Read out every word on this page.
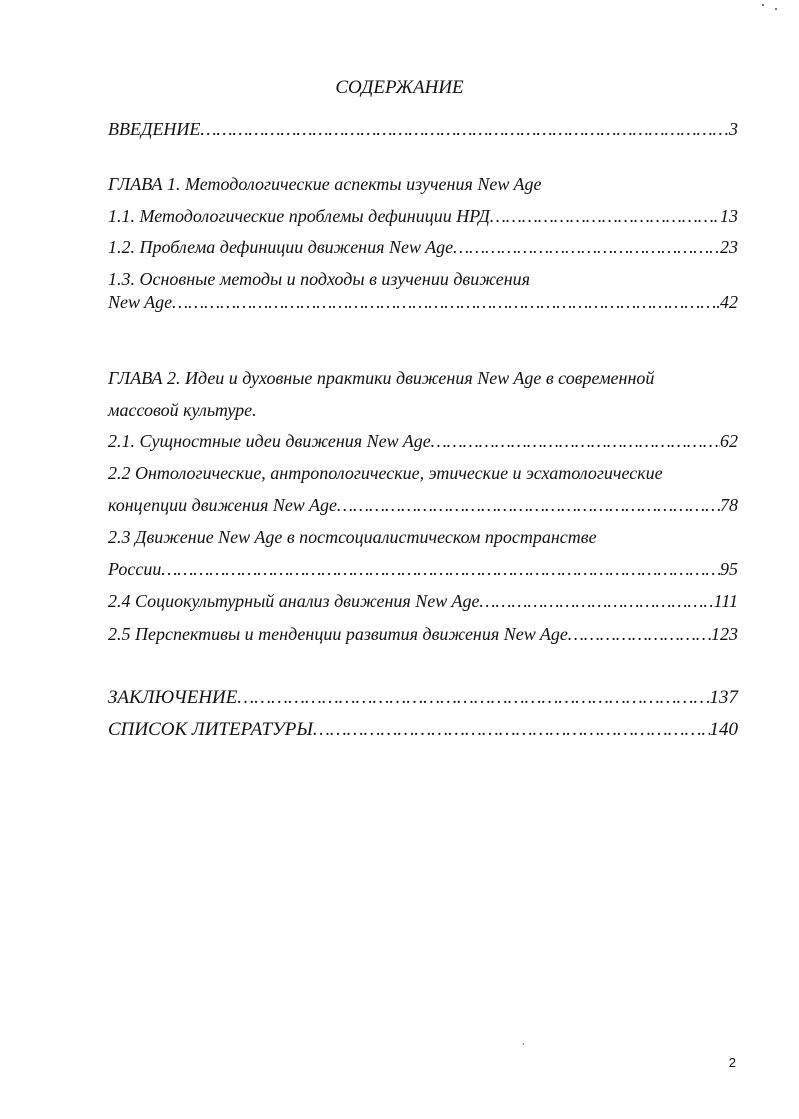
СОДЕРЖАНИЕ
ВВЕДЕНИЕ ……………………………………………………………………………………………………………………………………………………………………………………………	3
ГЛАВА 1. Методологические аспекты изучения New Age
1.1. Методологические проблемы дефиниции НРД ……………………………………………………………………………………………………………………………………………………………………………………………	13
1.2. Проблема дефиниции движения New Age ……………………………………………………………………………………………………………………………………………………………………………………………	23
1.3. Основные методы и подходы в изучении движения
New Age ……………………………………………………………………………………………………………………………………………………………………………………………	42
ГЛАВА 2. Идеи и духовные практики движения New Age в современной
массовой культуре.
2.1. Сущностные идеи движения New Age ……………………………………………………………………………………………………………………………………………………………………………………………	62
2.2 Онтологические, антропологические, этические и эсхатологические
концепции движения New Age ……………………………………………………………………………………………………………………………………………………………………………………………	78
2.3 Движение New Age в постсоциалистическом пространстве
России ……………………………………………………………………………………………………………………………………………………………………………………………	95
2.4 Социокультурный анализ движения New Age ……………………………………………………………………………………………………………………………………………………………………………………………	111
2.5 Перспективы и тенденции развития движения New Age ……………………………………………………………………………………………………………………………………………………………………………………………	123
ЗАКЛЮЧЕНИЕ ……………………………………………………………………………………………………………………………………………………………………………………………	137
СПИСОК ЛИТЕРАТУРЫ ……………………………………………………………………………………………………………………………………………………………………………………………	140
2
